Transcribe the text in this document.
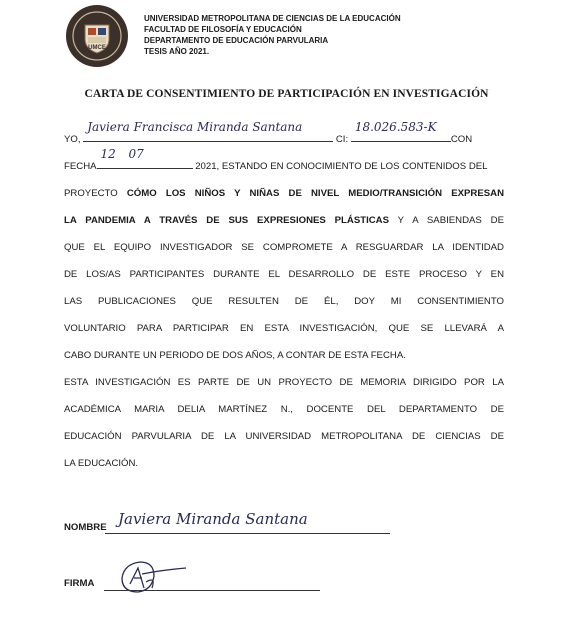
UMCE
UNIVERSIDAD METROPOLITANA DE CIENCIAS DE LA EDUCACIÓN
FACULTAD DE FILOSOFÍA Y EDUCACIÓN
DEPARTAMENTO DE EDUCACIÓN PARVULARIA
TESIS AÑO 2021.
CARTA DE CONSENTIMIENTO DE PARTICIPACIÓN EN INVESTIGACIÓN
YO,
Javiera Francisca Miranda Santana
CI:
18.026.583-K
CON
FECHA
12 07
2021, ESTANDO EN CONOCIMIENTO DE LOS CONTENIDOS DEL
PROYECTO CÓMO LOS NIÑOS Y NIÑAS DE NIVEL MEDIO/TRANSICIÓN EXPRESAN
LA PANDEMIA A TRAVÉS DE SUS EXPRESIONES PLÁSTICAS Y A SABIENDAS DE
QUE EL EQUIPO INVESTIGADOR SE COMPROMETE A RESGUARDAR LA IDENTIDAD
DE LOS/AS PARTICIPANTES DURANTE EL DESARROLLO DE ESTE PROCESO Y EN
LAS PUBLICACIONES QUE RESULTEN DE ÉL, DOY MI CONSENTIMIENTO
VOLUNTARIO PARA PARTICIPAR EN ESTA INVESTIGACIÓN, QUE SE LLEVARÁ A
CABO DURANTE UN PERIODO DE DOS AÑOS, A CONTAR DE ESTA FECHA.
ESTA INVESTIGACIÓN ES PARTE DE UN PROYECTO DE MEMORIA DIRIGIDO POR LA
ACADÉMICA MARIA DELIA MARTÍNEZ N., DOCENTE DEL DEPARTAMENTO DE
EDUCACIÓN PARVULARIA DE LA UNIVERSIDAD METROPOLITANA DE CIENCIAS DE
LA EDUCACIÓN.
NOMBRE Javiera Miranda Santana
FIRMA
